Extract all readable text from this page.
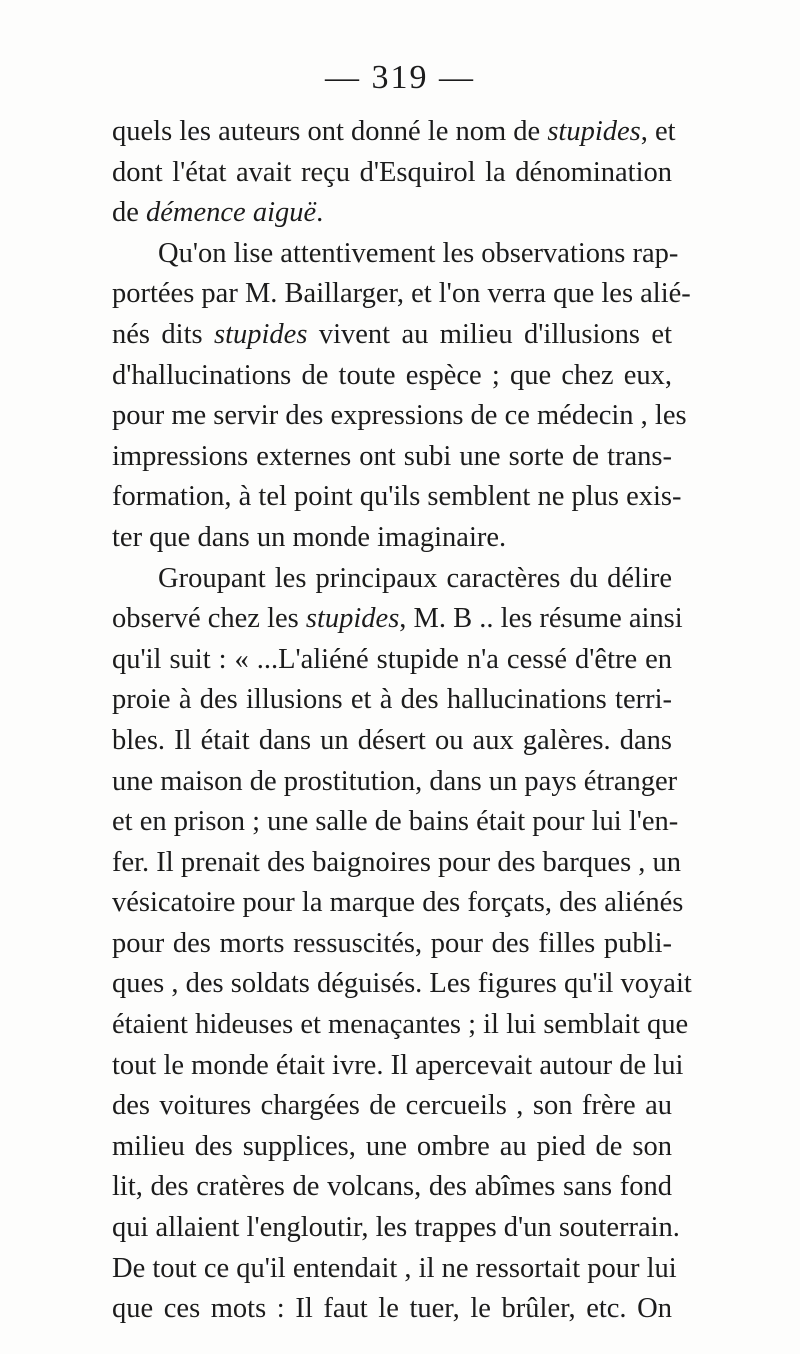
— 319 —
quels les auteurs ont donné le nom de stupides, et
dont l'état avait reçu d'Esquirol la dénomination
de démence aiguë.
Qu'on lise attentivement les observations rap-
portées par M. Baillarger, et l'on verra que les alié-
nés dits stupides vivent au milieu d'illusions et
d'hallucinations de toute espèce ; que chez eux,
pour me servir des expressions de ce médecin , les
impressions externes ont subi une sorte de trans-
formation, à tel point qu'ils semblent ne plus exis-
ter que dans un monde imaginaire.
Groupant les principaux caractères du délire
observé chez les stupides, M. B .. les résume ainsi
qu'il suit : « ...L'aliéné stupide n'a cessé d'être en
proie à des illusions et à des hallucinations terri-
bles. Il était dans un désert ou aux galères. dans
une maison de prostitution, dans un pays étranger
et en prison ; une salle de bains était pour lui l'en-
fer. Il prenait des baignoires pour des barques , un
vésicatoire pour la marque des forçats, des aliénés
pour des morts ressuscités, pour des filles publi-
ques , des soldats déguisés. Les figures qu'il voyait
étaient hideuses et menaçantes ; il lui semblait que
tout le monde était ivre. Il apercevait autour de lui
des voitures chargées de cercueils , son frère au
milieu des supplices, une ombre au pied de son
lit, des cratères de volcans, des abîmes sans fond
qui allaient l'engloutir, les trappes d'un souterrain.
De tout ce qu'il entendait , il ne ressortait pour lui
que ces mots : Il faut le tuer, le brûler, etc. On
